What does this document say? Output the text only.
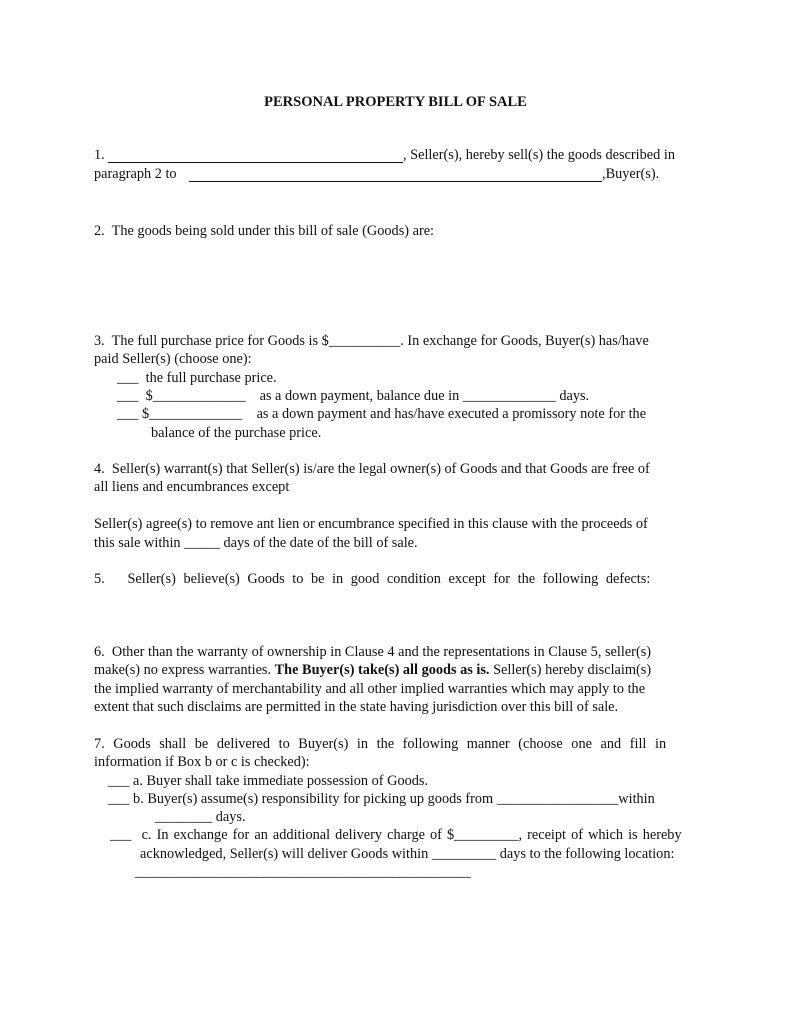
PERSONAL PROPERTY BILL OF SALE
1.	, Seller(s), hereby sell(s) the goods described in
paragraph 2 to	,Buyer(s).
2.  The goods being sold under this bill of sale (Goods) are:
3.  The full purchase price for Goods is $__________. In exchange for Goods, Buyer(s) has/have
paid Seller(s) (choose one):
___  the full purchase price.
___  $_____________ as a down payment, balance due in _____________ days.
___ $_____________ as a down payment and has/have executed a promissory note for the
balance of the purchase price.
4.  Seller(s) warrant(s) that Seller(s) is/are the legal owner(s) of Goods and that Goods are free of
all liens and encumbrances except
Seller(s) agree(s) to remove ant lien or encumbrance specified in this clause with the proceeds of
this sale within _____ days of the date of the bill of sale.
5.   Seller(s) believe(s) Goods to be in good condition except for the following defects:
6.  Other than the warranty of ownership in Clause 4 and the representations in Clause 5, seller(s)
make(s) no express warranties. The Buyer(s) take(s) all goods as is. Seller(s) hereby disclaim(s)
the implied warranty of merchantability and all other implied warranties which may apply to the
extent that such disclaims are permitted in the state having jurisdiction over this bill of sale.
7. Goods shall be delivered to Buyer(s) in the following manner (choose one and fill in
information if Box b or c is checked):
___ a. Buyer shall take immediate possession of Goods.
___ b. Buyer(s) assume(s) responsibility for picking up goods from _________________within
________ days.
___  c. In exchange for an additional delivery charge of $_________, receipt of which is hereby
acknowledged, Seller(s) will deliver Goods within _________ days to the following location:
_______________________________________________
